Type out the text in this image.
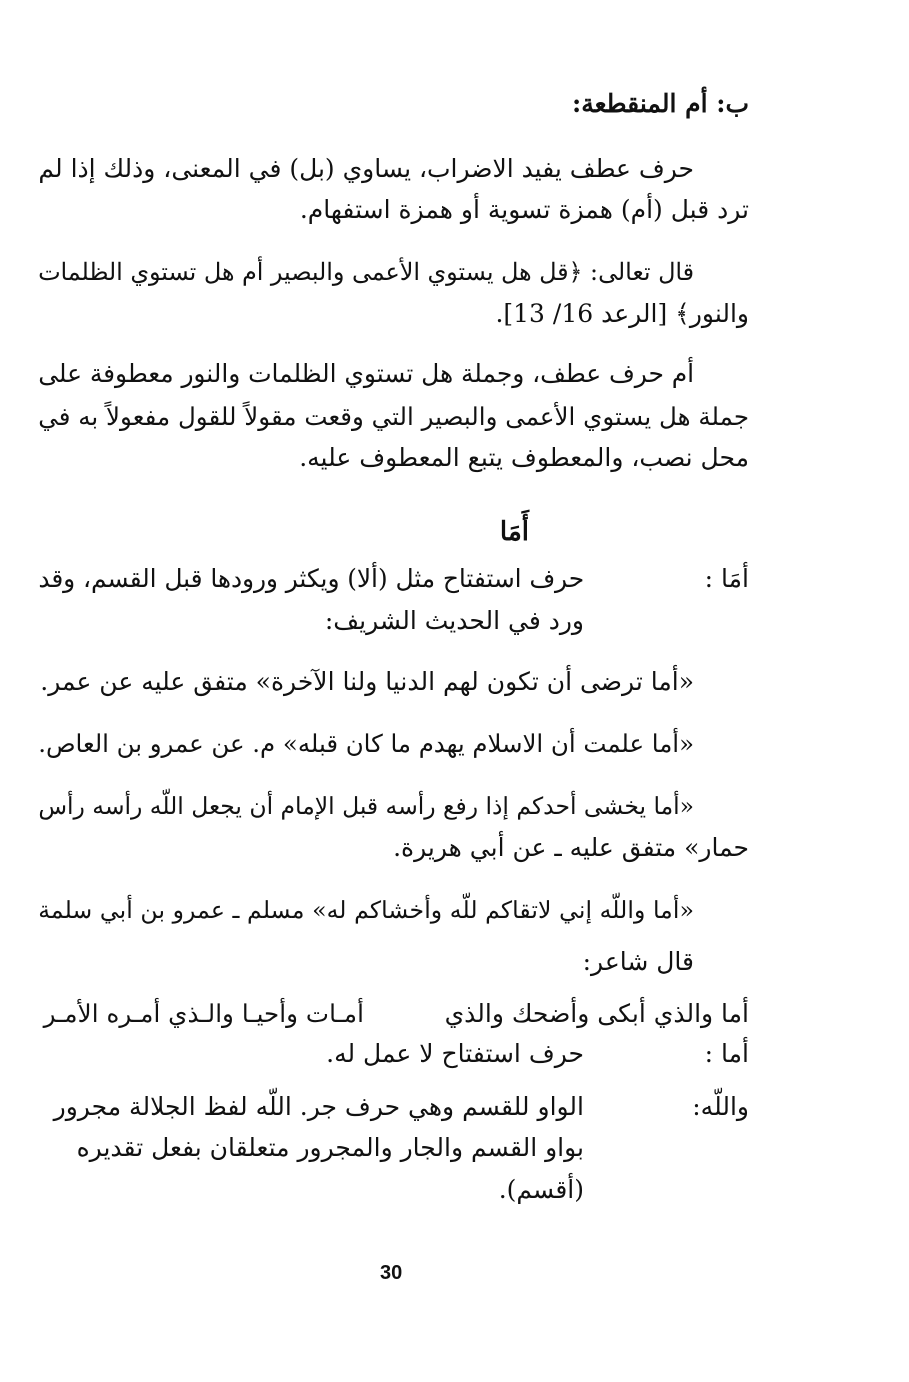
ب: أم المنقطعة:
حرف عطف يفيد الاضراب، يساوي (بل) في المعنى، وذلك إذا لم
ترد قبل (أم) همزة تسوية أو همزة استفهام.
قال تعالى: ﴿قل هل يستوي الأعمى والبصير أم هل تستوي الظلمات
والنور﴾ [الرعد 16/ 13].
أم حرف عطف، وجملة هل تستوي الظلمات والنور معطوفة على
جملة هل يستوي الأعمى والبصير التي وقعت مقولاً للقول مفعولاً به في
محل نصب، والمعطوف يتبع المعطوف عليه.
أَمَا
أمَا :
حرف استفتاح مثل (ألا) ويكثر ورودها قبل القسم، وقد
ورد في الحديث الشريف:
«أما ترضى أن تكون لهم الدنيا ولنا الآخرة» متفق عليه عن عمر.
«أما علمت أن الاسلام يهدم ما كان قبله» م. عن عمرو بن العاص.
«أما يخشى أحدكم إذا رفع رأسه قبل الإمام أن يجعل اللّه رأسه رأس
حمار» متفق عليه ـ عن أبي هريرة.
«أما واللّه إني لاتقاكم للّه وأخشاكم له» مسلم ـ عمرو بن أبي سلمة
قال شاعر:
أما والذي أبكى وأضحك والذي
أمـات وأحيـا والـذي أمـره الأمـر
أما :
حرف استفتاح لا عمل له.
واللّه:
الواو للقسم وهي حرف جر. اللّه لفظ الجلالة مجرور
بواو القسم والجار والمجرور متعلقان بفعل تقديره
(أقسم).
30
